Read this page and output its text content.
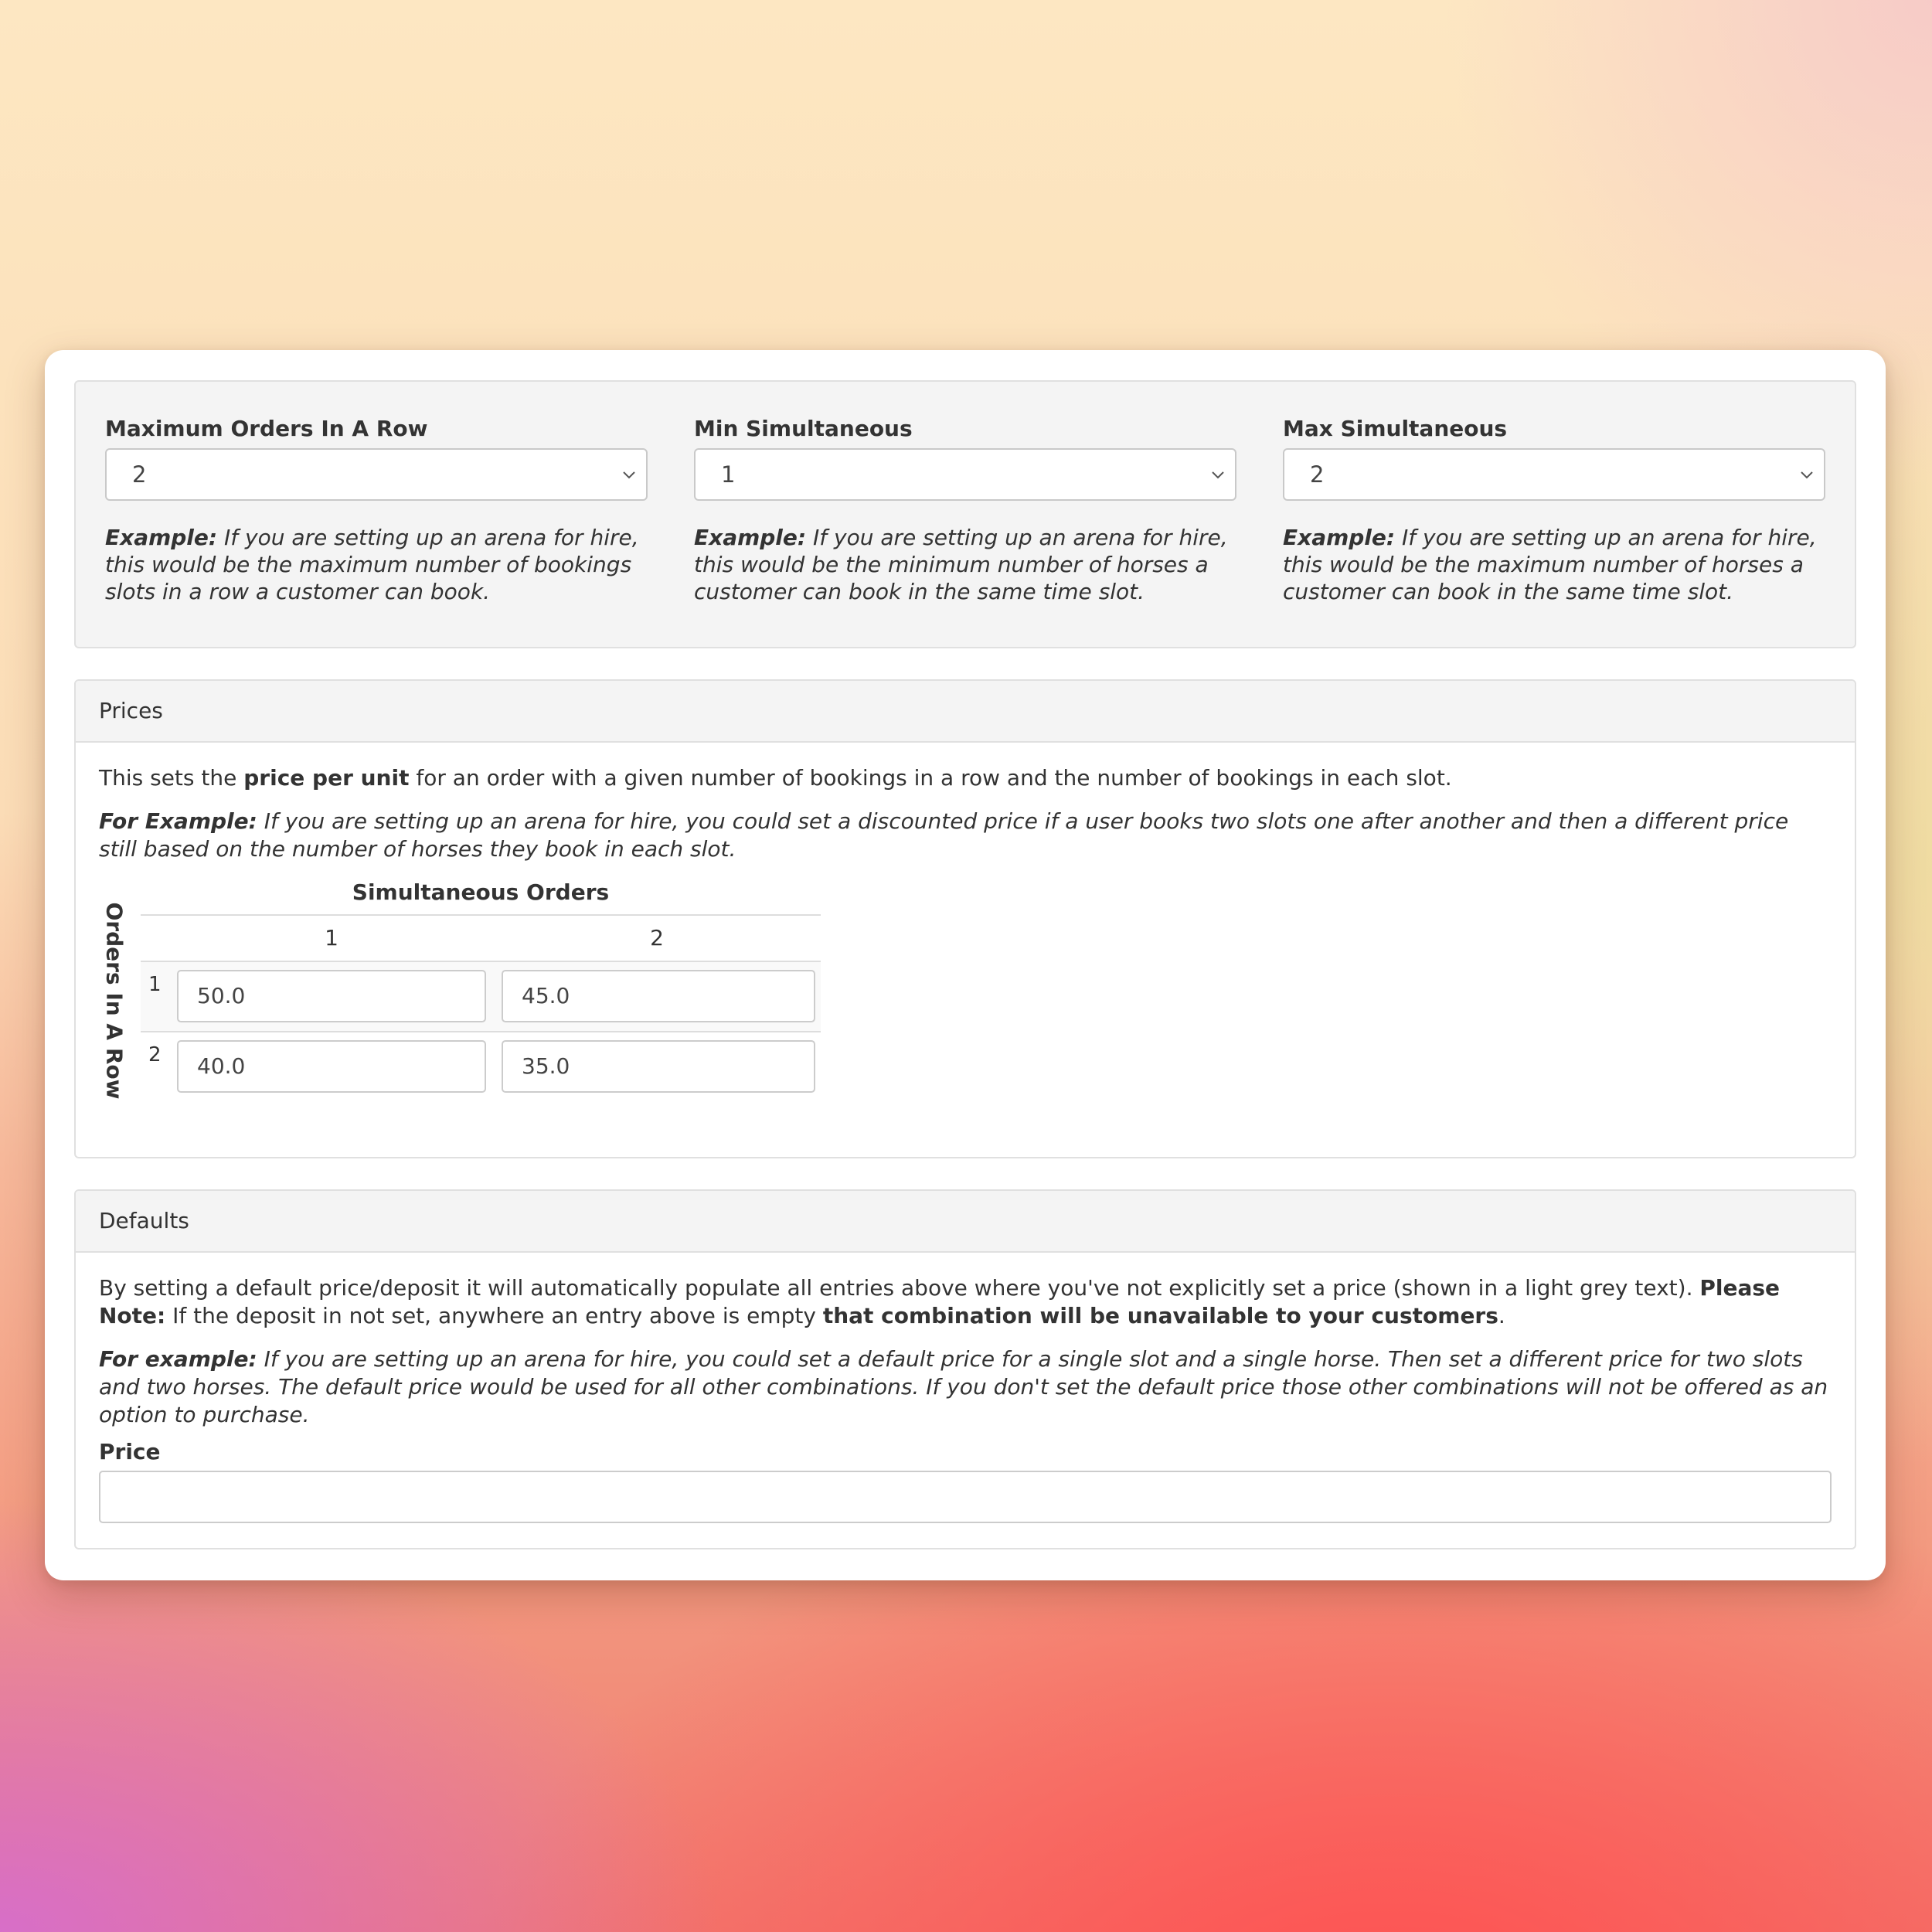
Maximum Orders In A Row
2
Example: If you are setting up an arena for hire, this would be the maximum number of bookings slots in a row a customer can book.
Min Simultaneous
1
Example: If you are setting up an arena for hire, this would be the minimum number of horses a customer can book in the same time slot.
Max Simultaneous
2
Example: If you are setting up an arena for hire, this would be the maximum number of horses a customer can book in the same time slot.
Prices

This sets the price per unit for an order with a given number of bookings in a row and the number of bookings in each slot.

For Example: If you are setting up an arena for hire, you could set a discounted price if a user books two slots one after another and then a different price still based on the number of horses they book in each slot.

Simultaneous Orders
Orders In A Row	1	2
1	50.0	45.0
2	40.0	35.0
Defaults

By setting a default price/deposit it will automatically populate all entries above where you've not explicitly set a price (shown in a light grey text). Please Note: If the deposit in not set, anywhere an entry above is empty that combination will be unavailable to your customers.

For example: If you are setting up an arena for hire, you could set a default price for a single slot and a single horse. Then set a different price for two slots and two horses. The default price would be used for all other combinations. If you don't set the default price those other combinations will not be offered as an option to purchase.

Price
